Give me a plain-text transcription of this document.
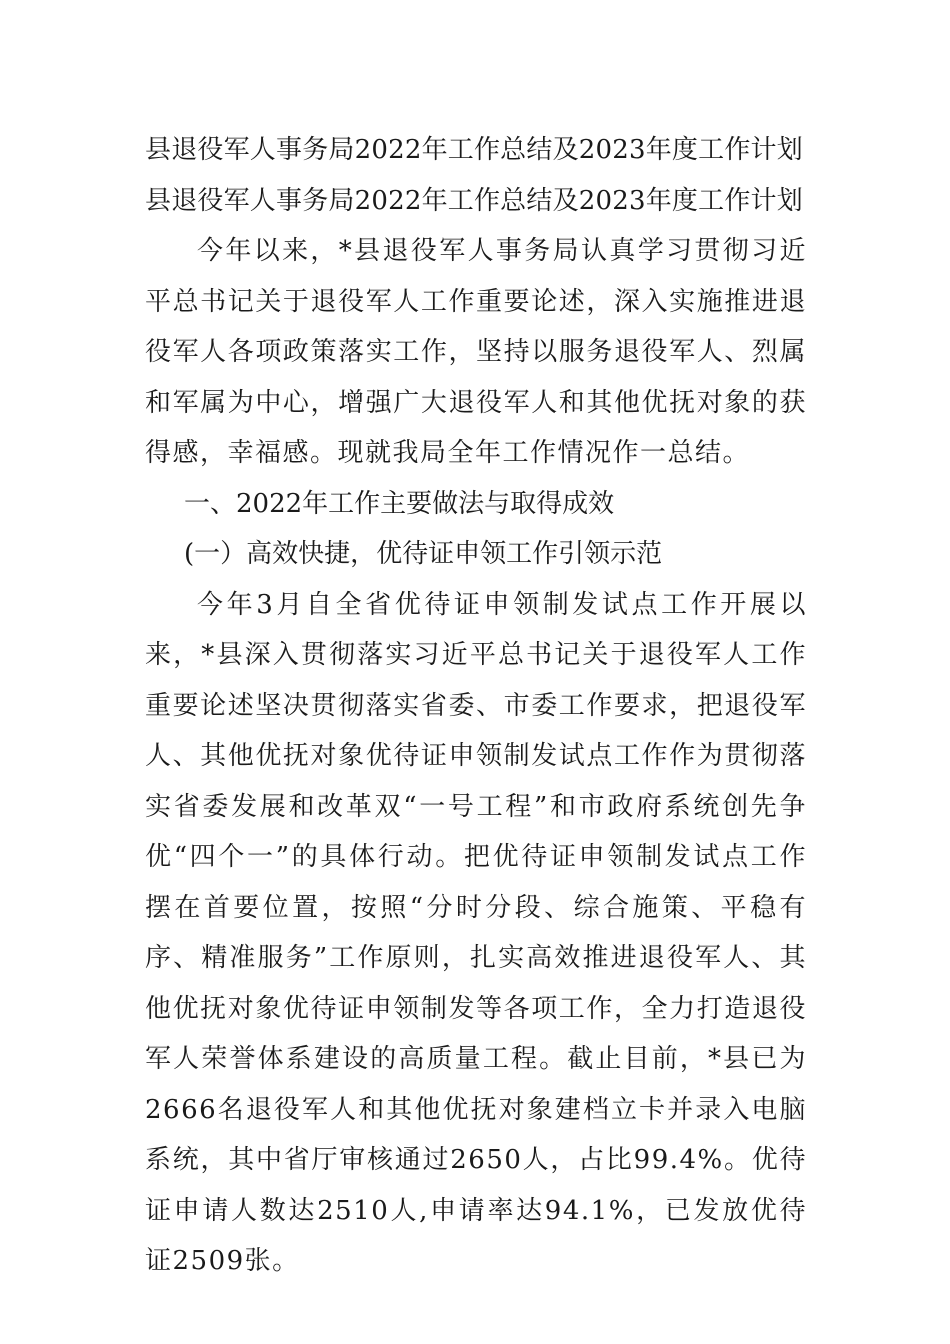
县退役军人事务局2022年工作总结及2023年度工作计划
县退役军人事务局2022年工作总结及2023年度工作计划

今年以来，*县退役军人事务局认真学习贯彻习近平总书记关于退役军人工作重要论述，深入实施推进退役军人各项政策落实工作，坚持以服务退役军人、烈属和军属为中心，增强广大退役军人和其他优抚对象的获得感，幸福感。现就我局全年工作情况作一总结。

一、2022年工作主要做法与取得成效

(一）高效快捷，优待证申领工作引领示范

今年3月自全省优待证申领制发试点工作开展以来，*县深入贯彻落实习近平总书记关于退役军人工作重要论述坚决贯彻落实省委、市委工作要求，把退役军人、其他优抚对象优待证申领制发试点工作作为贯彻落实省委发展和改革双“一号工程”和市政府系统创先争优“四个一”的具体行动。把优待证申领制发试点工作摆在首要位置，按照“分时分段、综合施策、平稳有序、精准服务”工作原则，扎实高效推进退役军人、其他优抚对象优待证申领制发等各项工作，全力打造退役军人荣誉体系建设的高质量工程。截止目前，*县已为2666名退役军人和其他优抚对象建档立卡并录入电脑系统，其中省厅审核通过2650人，占比99.4%。优待证申请人数达2510人,申请率达94.1%，已发放优待证2509张。
